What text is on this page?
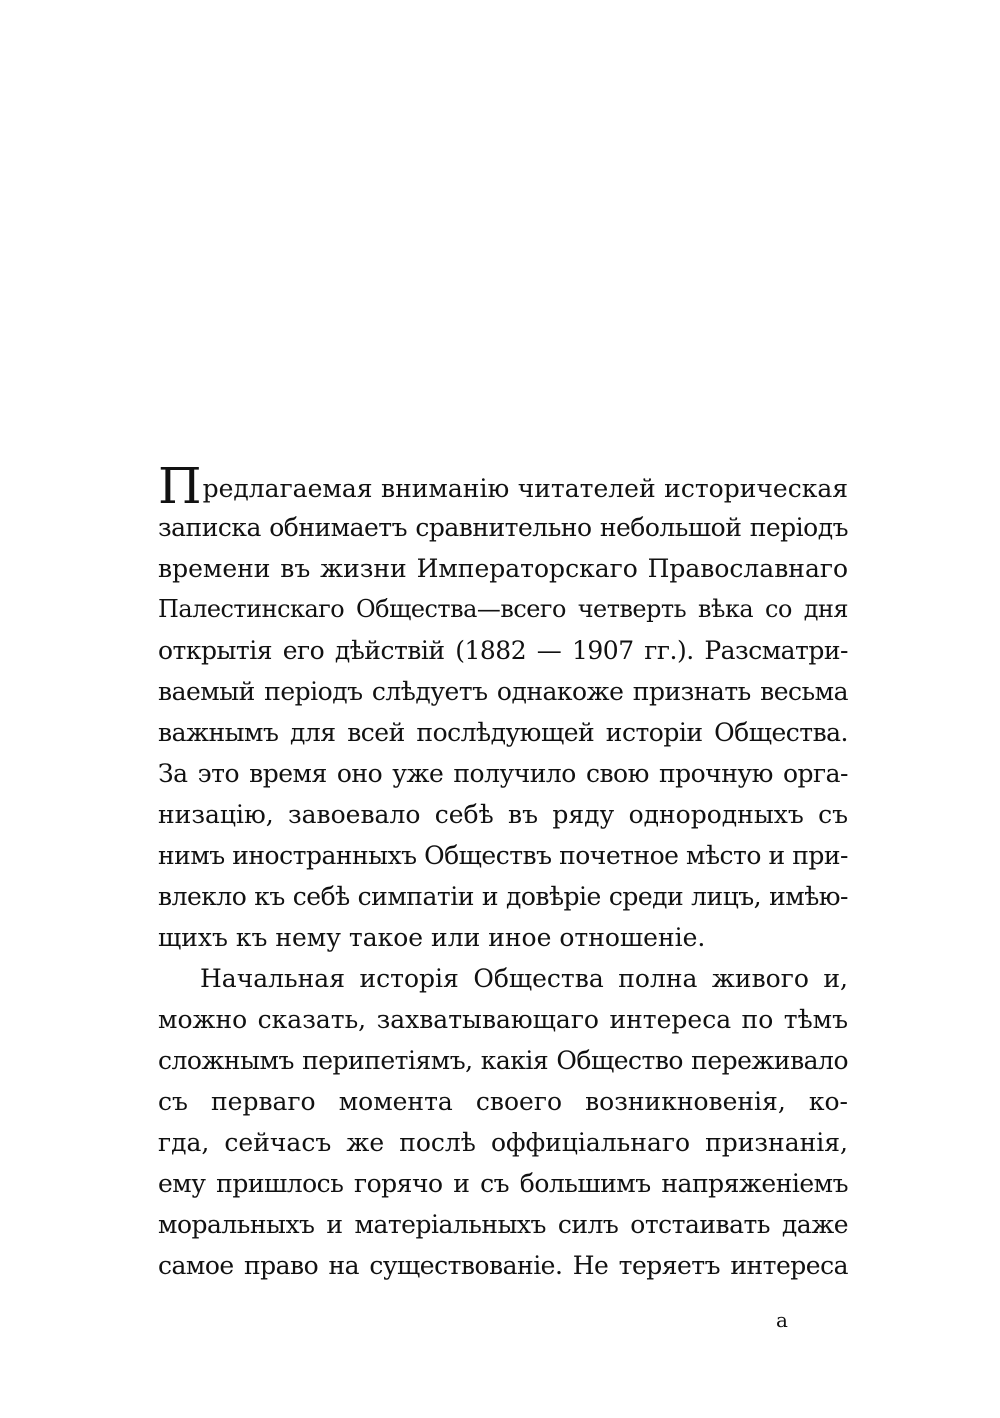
Предлагаемая вниманію читателей историческая
записка обнимаетъ сравнительно небольшой періодъ
времени въ жизни Императорскаго Православнаго
Палестинскаго Общества—всего четверть вѣка со дня
открытія его дѣйствій (1882 — 1907 гг.). Разсматри-
ваемый періодъ слѣдуетъ однакоже признать весьма
важнымъ для всей послѣдующей исторіи Общества.
За это время оно уже получило свою прочную орга-
низацію, завоевало себѣ въ ряду однородныхъ съ
нимъ иностранныхъ Обществъ почетное мѣсто и при-
влекло къ себѣ симпатіи и довѣріе среди лицъ, имѣю-
щихъ къ нему такое или иное отношеніе.
Начальная исторія Общества полна живого и,
можно сказать, захватывающаго интереса по тѣмъ
сложнымъ перипетіямъ, какія Общество переживало
съ перваго момента своего возникновенія, ко-
гда, сейчасъ же послѣ оффиціальнаго признанія,
ему пришлось горячо и съ большимъ напряженіемъ
моральныхъ и матеріальныхъ силъ отстаивать даже
самое право на существованіе. Не теряетъ интереса
a
